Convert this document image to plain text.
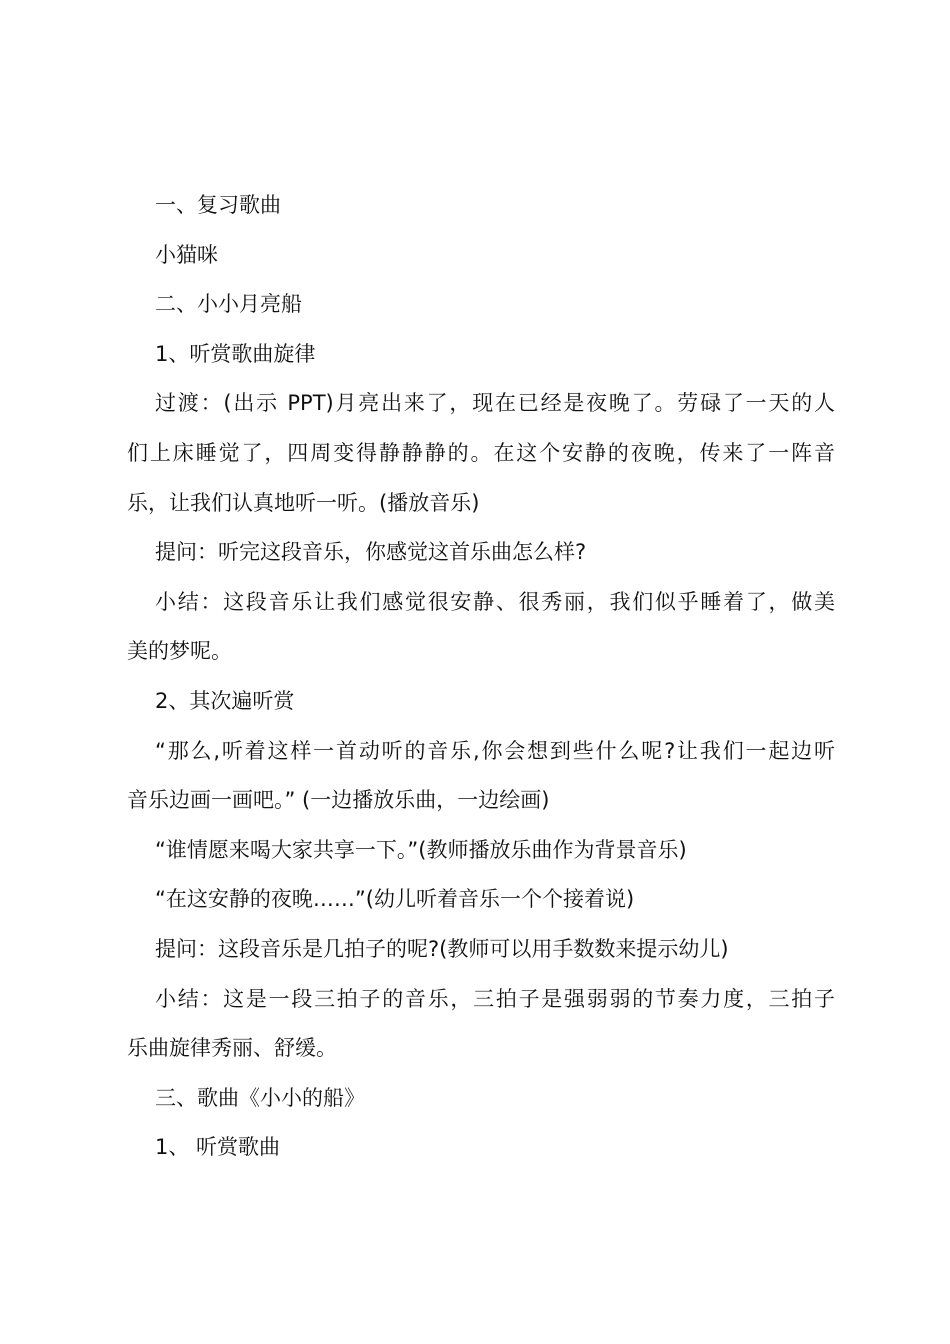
一、复习歌曲
小猫咪
二、小小月亮船
1、听赏歌曲旋律
过渡：(出示 PPT)月亮出来了，现在已经是夜晚了。劳碌了一天的人
们上床睡觉了，四周变得静静静的。在这个安静的夜晚，传来了一阵音
乐，让我们认真地听一听。(播放音乐)
提问：听完这段音乐，你感觉这首乐曲怎么样?
小结：这段音乐让我们感觉很安静、很秀丽，我们似乎睡着了，做美
美的梦呢。
2、其次遍听赏
“那么,听着这样一首动听的音乐,你会想到些什么呢?让我们一起边听
音乐边画一画吧。” (一边播放乐曲，一边绘画)
“谁情愿来喝大家共享一下。”(教师播放乐曲作为背景音乐)
“在这安静的夜晚……”(幼儿听着音乐一个个接着说)
提问：这段音乐是几拍子的呢?(教师可以用手数数来提示幼儿)
小结：这是一段三拍子的音乐，三拍子是强弱弱的节奏力度，三拍子
乐曲旋律秀丽、舒缓。
三、歌曲《小小的船》
1、 听赏歌曲
